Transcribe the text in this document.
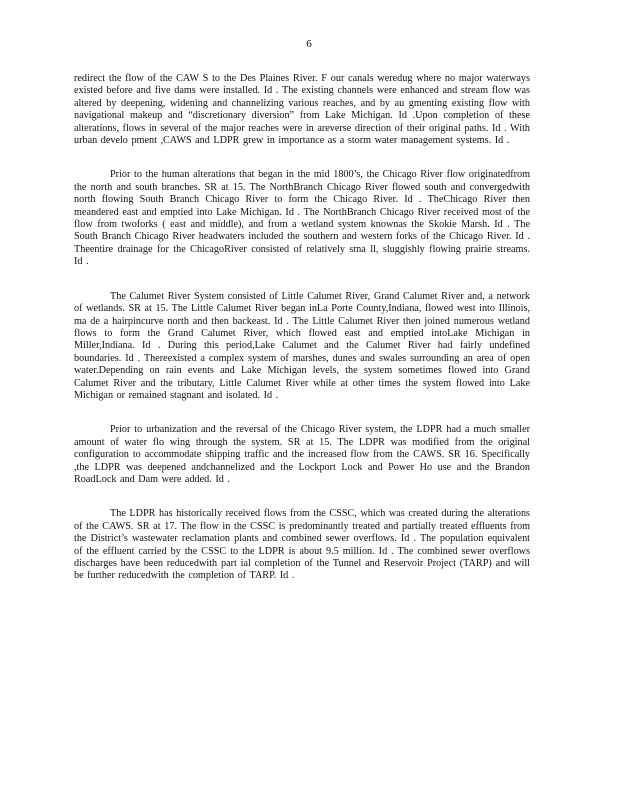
6

redirect the flow of the CAW S to the Des Plaines River. F our canals weredug where no major waterways existed before and five dams were installed. Id . The existing channels were enhanced and stream flow was altered by deepening, widening and channelizing various reaches, and by au gmenting existing flow with navigational makeup and “discretionary diversion” from Lake Michigan. Id .Upon completion of these alterations, flows in several of the major reaches were in areverse direction of their original paths. Id . With urban develo pment ,CAWS and LDPR grew in importance as a storm water management systems. Id .

Prior to the human alterations that began in the mid 1800’s, the Chicago River flow originatedfrom the north and south branches. SR at 15. The NorthBranch Chicago River flowed south and convergedwith north flowing South Branch Chicago River to form the Chicago River. Id . TheChicago River then meandered east and emptied into Lake Michigan. Id . The NorthBranch Chicago River received most of the flow from twoforks ( east and middle), and from a wetland system knownas the Skokie Marsh. Id . The South Branch Chicago River headwaters included the southern and western forks of the Chicago River. Id . Theentire drainage for the ChicagoRiver consisted of relatively sma ll, sluggishly flowing prairie streams. Id .

The Calumet River System consisted of Little Calumet River, Grand Calumet River and, a network of wetlands. SR at 15. The Little Calumet River began inLa Porte County,Indiana, flowed west into Illinois, ma de a hairpincurve north and then backeast. Id . The Little Calumet River then joined numerous wetland flows to form the Grand Calumet River, which flowed east and emptied intoLake Michigan in Miller,Indiana. Id . During this period,Lake Calumet and the Calumet River had fairly undefined boundaries. Id . Thereexisted a complex system of marshes, dunes and swales surrounding an area of open water.Depending on rain events and Lake Michigan levels, the system sometimes flowed into Grand Calumet River and the tributary, Little Calumet River while at other times the system flowed into Lake Michigan or remained stagnant and isolated. Id .

Prior to urbanization and the reversal of the Chicago River system, the LDPR had a much smaller amount of water flo wing through the system. SR at 15. The LDPR was modified from the original configuration to accommodate shipping traffic and the increased flow from the CAWS. SR 16. Specifically ,the LDPR was deepened andchannelized and the Lockport Lock and Power Ho use and the Brandon RoadLock and Dam were added. Id .

The LDPR has historically received flows from the CSSC, which was created during the alterations of the CAWS. SR at 17. The flow in the CSSC is predominantly treated and partially treated effluents from the District’s wastewater reclamation plants and combined sewer overflows. Id . The population equivalent of the effluent carried by the CSSC to the LDPR is about 9.5 million. Id . The combined sewer overflows discharges have been reducedwith part ial completion of the Tunnel and Reservoir Project (TARP) and will be further reducedwith the completion of TARP. Id .
